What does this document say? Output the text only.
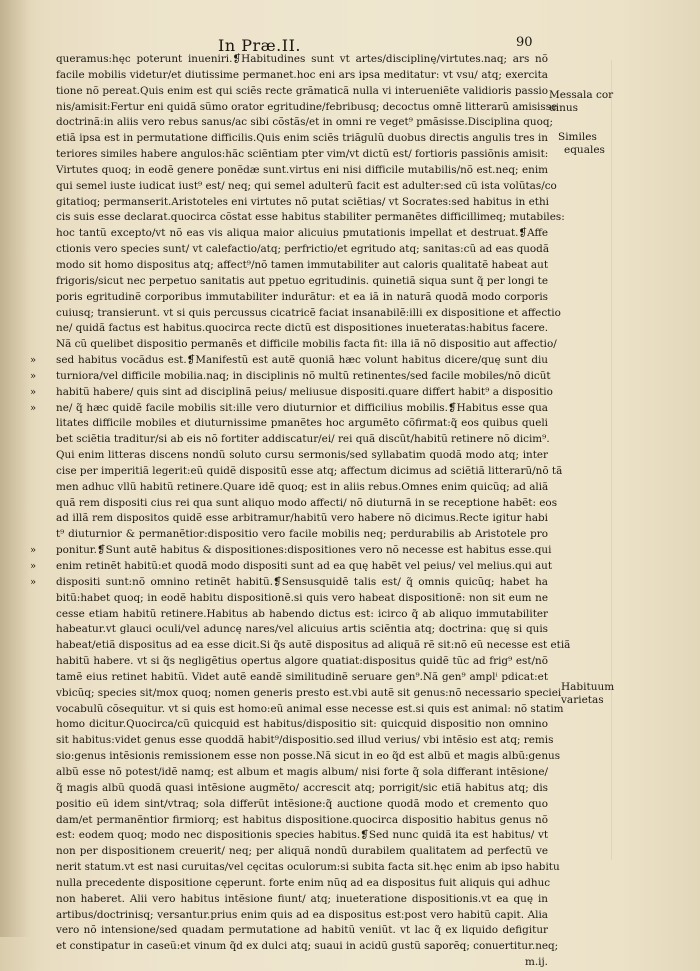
In Præ.II.	90
»
»
»
»
»
»
»
queramus:hęc poterunt inueniri.❡Habitudines sunt vt artes/disciplinę/virtutes.naq; ars nõ
facile mobilis videtur/et diutissime permanet.hoc eni ars ipsa meditatur: vt vsu/ atq; exercita
tione nõ pereat.Quis enim est qui sciẽs recte grãmaticã nulla vi interueniẽte validioris passio
nis/amisit:Fertur eni quidã sũmo orator egritudine/febribusq; decoctus omnẽ litterarũ amisisse
doctrinã:in aliis vero rebus sanus/ac sibi cõstãs/et in omni re veget⁹ pmãsisse.Disciplina quoq;
etiã ipsa est in permutatione difficilis.Quis enim sciẽs triãgulũ duobus directis angulis tres in
teriores similes habere angulos:hãc sciẽntiam pter vim/vt dictũ est/ fortioris passiõnis amisit:
Virtutes quoq; in eodẽ genere ponẽdæ sunt.virtus eni nisi difficile mutabilis/nõ est.neq; enim
qui semel iuste iudicat iust⁹ est/ neq; qui semel adulterũ facit est adulter:sed cũ ista volũtas/co
gitatioq; permanserit.Aristoteles eni virtutes nõ putat sciẽtias/ vt Socrates:sed habitus in ethi
cis suis esse declarat.quocirca cõstat esse habitus stabiliter permanẽtes difficillimeq; mutabiles:
hoc tantũ excepto/vt nõ eas vis aliqua maior alicuius pmutationis impellat et destruat.❡Affe
ctionis vero species sunt/ vt calefactio/atq; perfrictio/et egritudo atq; sanitas:cũ ad eas quodã
modo sit homo dispositus atq; affect⁹/nõ tamen immutabiliter aut caloris qualitatẽ habeat aut
frigoris/sicut nec perpetuo sanitatis aut ppetuo egritudinis. quinetiã siqua sunt q̃ per longi te
poris egritudinẽ corporibus immutabiliter indurãtur: et ea iã in naturã quodã modo corporis
cuiusq; transierunt. vt si quis percussus cicatricẽ faciat insanabilẽ:illi ex dispositione et affectio
ne/ quidã factus est habitus.quocirca recte dictũ est dispositiones inueteratas:habitus facere.
Nã cũ quelibet dispositio permanẽs et difficile mobilis facta fit: illa iã nõ dispositio aut affectio/
sed habitus vocãdus est.❡Manifestũ est autẽ quoniã hæc volunt habitus dicere/quę sunt diu
turniora/vel difficile mobilia.naq; in disciplinis nõ multũ retinentes/sed facile mobiles/nõ dicũt
habitũ habere/ quis sint ad disciplinã peius/ meliusue dispositi.quare differt habit⁹ a dispositio
ne/ q̃ hæc quidẽ facile mobilis sit:ille vero diuturnior et difficilius mobilis.❡Habitus esse qua
litates difficile mobiles et diuturnissime pmanẽtes hoc argumẽto cõfirmat:q̃ eos quibus queli
bet sciẽtia traditur/si ab eis nõ fortiter addiscatur/ei/ rei quã discũt/habitũ retinere nõ dicim⁹.
Qui enim litteras discens nondũ soluto cursu sermonis/sed syllabatim quodã modo atq; inter
cise per imperitiã legerit:eũ quidẽ dispositũ esse atq; affectum dicimus ad sciẽtiã litterarũ/nõ tã
men adhuc vllũ habitũ retinere.Quare idẽ quoq; est in aliis rebus.Omnes enim quicũq; ad aliã
quã rem dispositi cius rei qua sunt aliquo modo affecti/ nõ diuturnã in se receptione habẽt: eos
ad illã rem dispositos quidẽ esse arbitramur/habitũ vero habere nõ dicimus.Recte igitur habi
t⁹ diuturnior & permanẽtior:dispositio vero facile mobilis neq; perdurabilis ab Aristotele pro
ponitur.❡Sunt autẽ habitus & dispositiones:dispositiones vero nõ necesse est habitus esse.qui
enim retinẽt habitũ:et quodã modo dispositi sunt ad ea quę habẽt vel peius/ vel melius.qui aut
dispositi sunt:nõ omnino retinẽt habitũ.❡Sensusquidẽ talis est/ q̃ omnis quicũq; habet ha
bitũ:habet quoq; in eodẽ habitu dispositionẽ.si quis vero habeat dispositionẽ: non sit eum ne
cesse etiam habitũ retinere.Habitus ab habendo dictus est: icirco q̃ ab aliquo immutabiliter
habeatur.vt glauci oculi/vel aduncę nares/vel alicuius artis sciẽntia atq; doctrina: quę si quis
habeat/etiã dispositus ad ea esse dicit.Si q̃s autẽ dispositus ad aliquã rẽ sit:nõ eũ necesse est etiã
habitũ habere. vt si q̃s negligẽtius opertus algore quatiat:dispositus quidẽ tũc ad frig⁹ est/nõ
tamẽ eius retinet habitũ. Videt autẽ eandẽ similitudinẽ seruare gen⁹.Nã gen⁹ amplⁱ pdicat:et
vbicũq; species sit/mox quoq; nomen generis presto est.vbi autẽ sit genus:nõ necessario speciei
vocabulũ cõsequitur. vt si quis est homo:eũ animal esse necesse est.si quis est animal: nõ statim
homo dicitur.Quocirca/cũ quicquid est habitus/dispositio sit: quicquid dispositio non omnino
sit habitus:videt genus esse quoddã habit⁹/dispositio.sed illud verius/ vbi intẽsio est atq; remis
sio:genus intẽsionis remissionem esse non posse.Nã sicut in eo q̃d est albũ et magis albũ:genus
albũ esse nõ potest/idẽ namq; est album et magis album/ nisi forte q̃ sola differant intẽsione/
q̃ magis albũ quodã quasi intẽsione augmẽto/ accrescit atq; porrigit/sic etiã habitus atq; dis
positio eũ idem sint/vtraq; sola differũt intẽsione:q̃ auctione quodã modo et cremento quo
dam/et permanẽntior firmiorq; est habitus dispositione.quocirca dispositio habitus genus nõ
est: eodem quoq; modo nec dispositionis species habitus.❡Sed nunc quidã ita est habitus/ vt
non per dispositionem creuerit/ neq; per aliquã nondũ durabilem qualitatem ad perfectũ ve
nerit statum.vt est nasi curuitas/vel cęcitas oculorum:si subita facta sit.hęc enim ab ipso habitu
nulla precedente dispositione cęperunt. forte enim nũq ad ea dispositus fuit aliquis qui adhuc
non haberet. Alii vero habitus intẽsione fiunt/ atq; inueteratione dispositionis.vt ea quę in
artibus/doctrinisq; versantur.prius enim quis ad ea dispositus est:post vero habitũ capit. Alia
vero nõ intensione/sed quadam permutatione ad habitũ veniũt. vt lac q̃ ex liquido defigitur
et constipatur in caseũ:et vinum q̃d ex dulci atq; suaui in acidũ gustũ saporẽq; conuertitur.neq;
m.ij.
Messala cor
uinus
Similes
equales
Habituum
varietas
